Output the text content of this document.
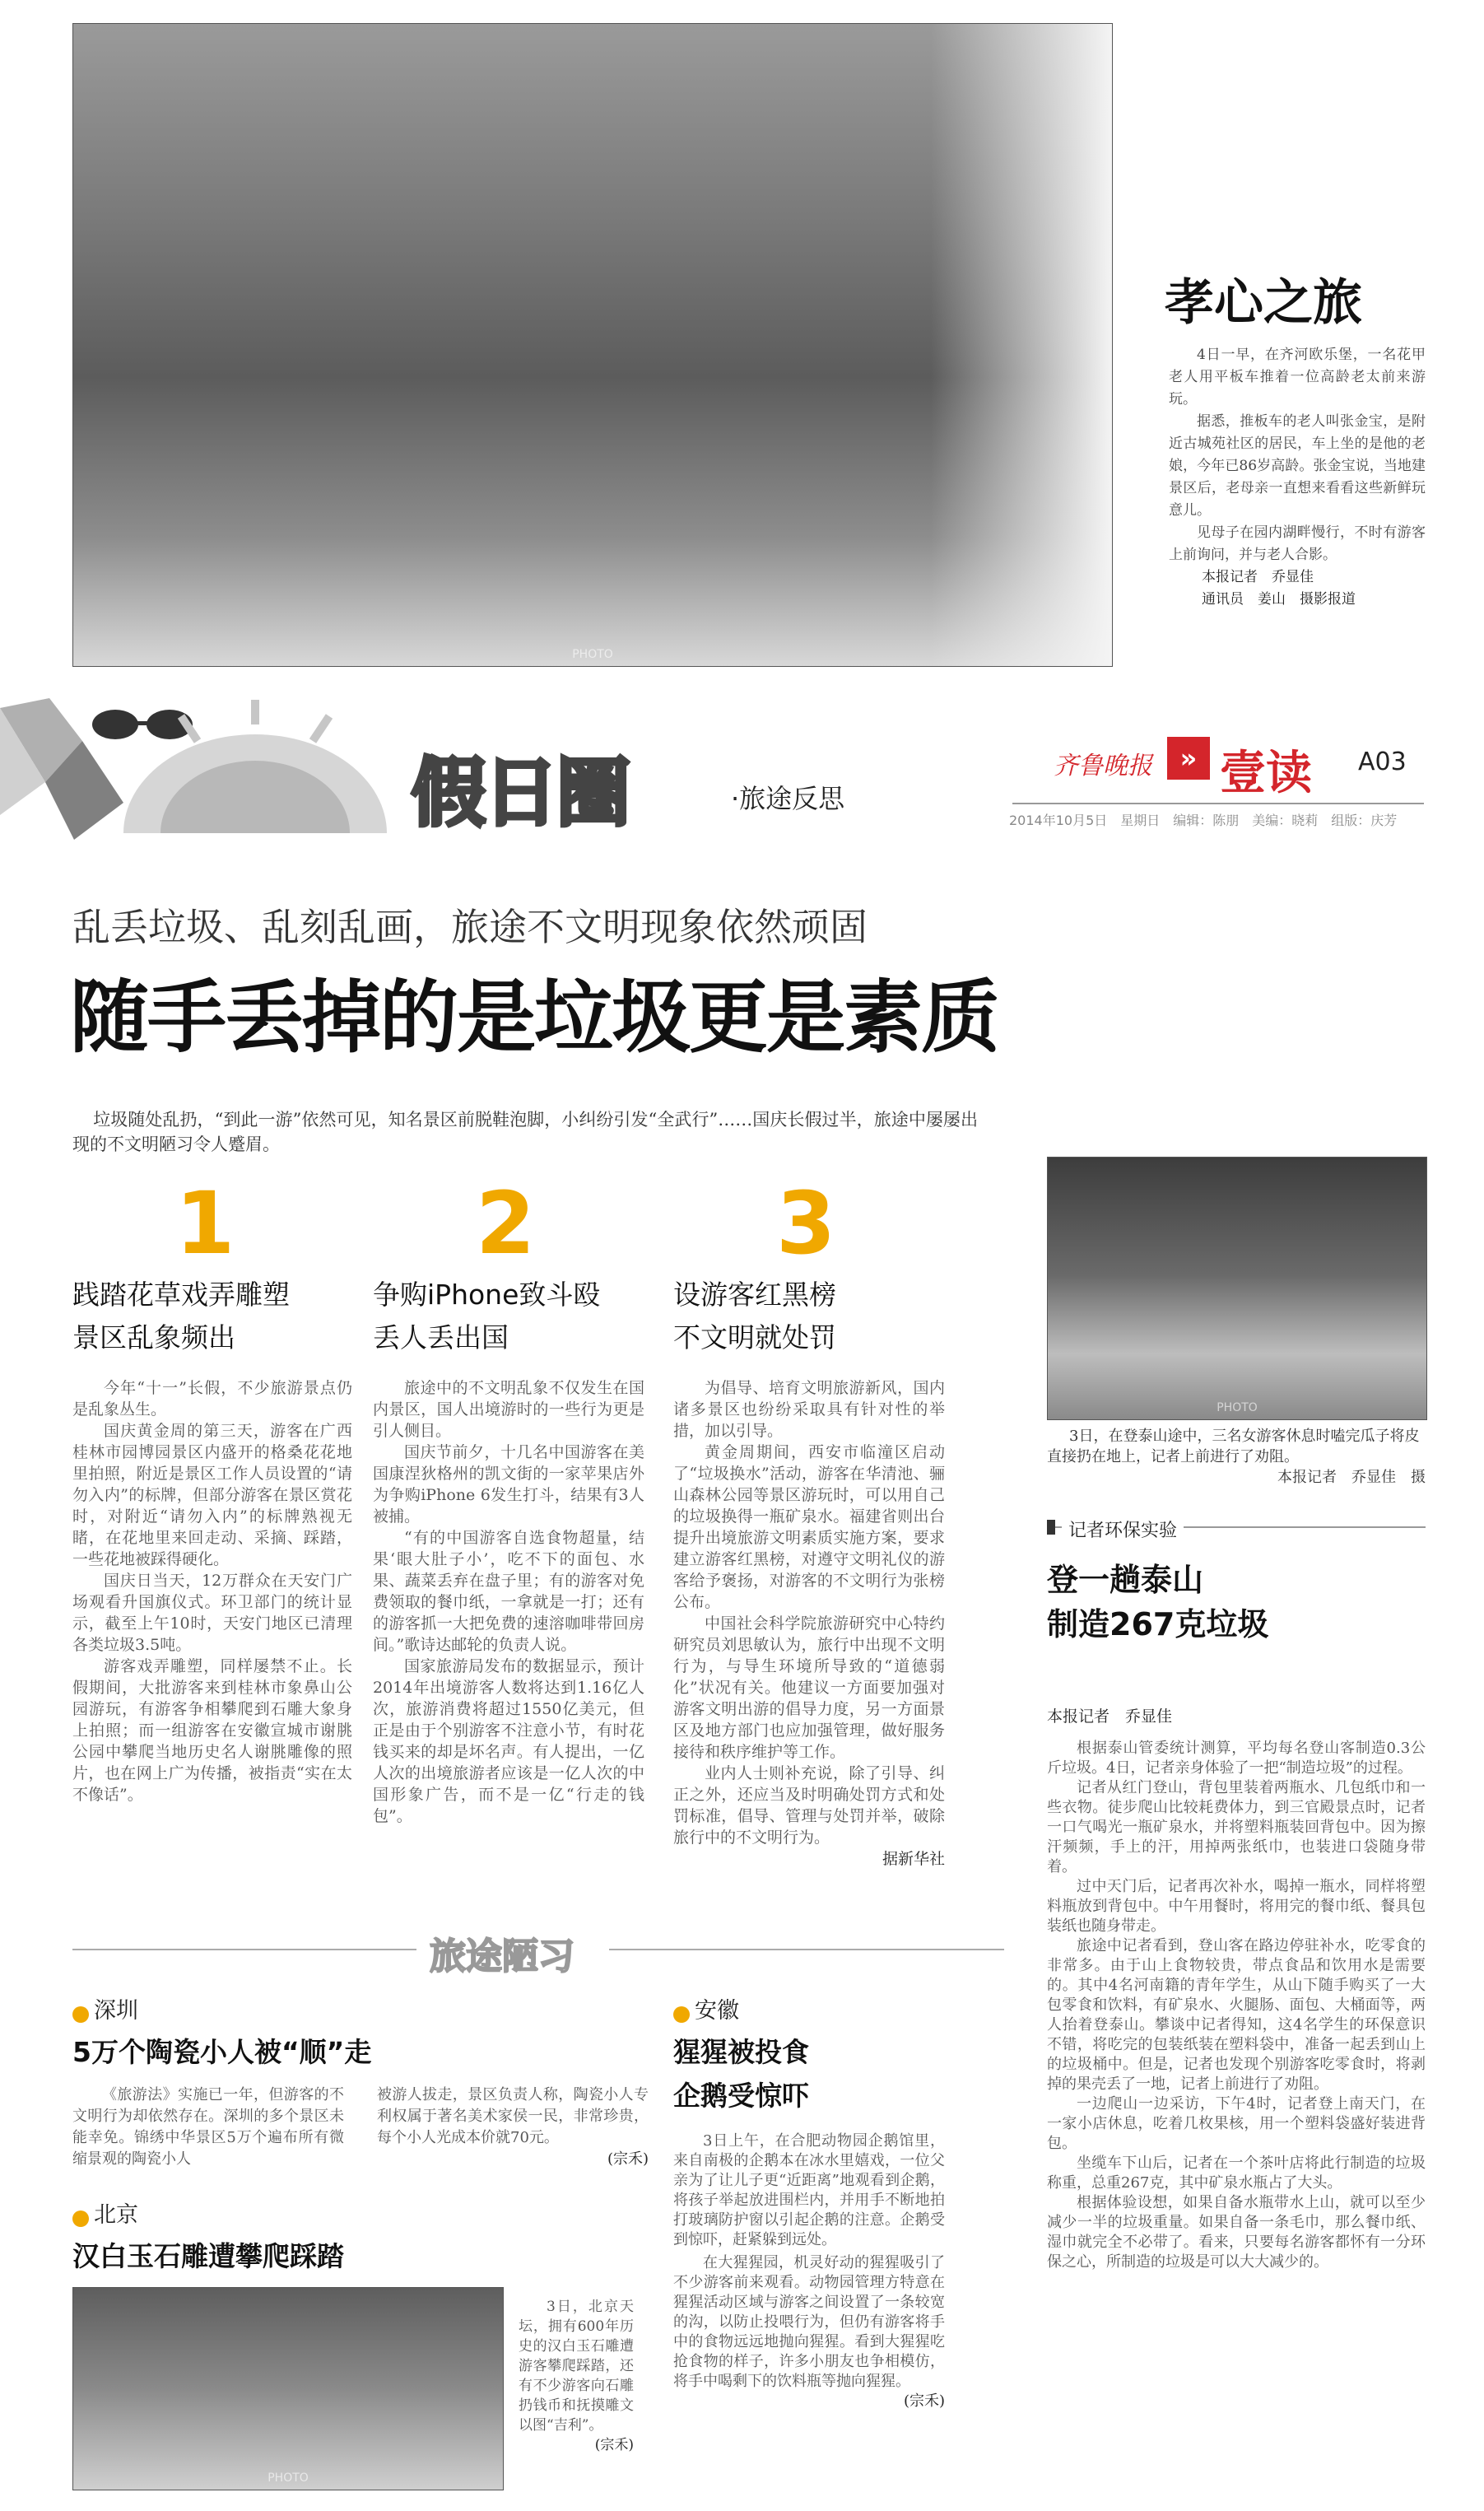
PHOTO
孝心之旅

4日一早，在齐河欧乐堡，一名花甲老人用平板车推着一位高龄老太前来游玩。

据悉，推板车的老人叫张金宝，是附近古城苑社区的居民，车上坐的是他的老娘，今年已86岁高龄。张金宝说，当地建景区后，老母亲一直想来看看这些新鲜玩意儿。

见母子在园内湖畔慢行，不时有游客上前询问，并与老人合影。

本报记者　乔显佳
通讯员　姜山　摄影报道
假日圈	·旅途反思
齐鲁晚报	» 壹读 A03
2014年10月5日　星期日　编辑：陈朋　美编：晓莉　组版：庆芳
乱丢垃圾、乱刻乱画，旅途不文明现象依然顽固
随手丢掉的是垃圾更是素质

垃圾随处乱扔，“到此一游”依然可见，知名景区前脱鞋泡脚，小纠纷引发“全武行”……国庆长假过半，旅途中屡屡出现的不文明陋习令人蹙眉。

1
践踏花草戏弄雕塑
景区乱象频出

今年“十一”长假，不少旅游景点仍是乱象丛生。

国庆黄金周的第三天，游客在广西桂林市园博园景区内盛开的格桑花花地里拍照，附近是景区工作人员设置的“请勿入内”的标牌，但部分游客在景区赏花时，对附近“请勿入内”的标牌熟视无睹，在花地里来回走动、采摘、踩踏，一些花地被踩得硬化。

国庆日当天，12万群众在天安门广场观看升国旗仪式。环卫部门的统计显示，截至上午10时，天安门地区已清理各类垃圾3.5吨。

游客戏弄雕塑，同样屡禁不止。长假期间，大批游客来到桂林市象鼻山公园游玩，有游客争相攀爬到石雕大象身上拍照；而一组游客在安徽宣城市谢朓公园中攀爬当地历史名人谢朓雕像的照片，也在网上广为传播，被指责“实在太不像话”。

2
争购iPhone致斗殴
丢人丢出国

旅途中的不文明乱象不仅发生在国内景区，国人出境游时的一些行为更是引人侧目。

国庆节前夕，十几名中国游客在美国康涅狄格州的凯文街的一家苹果店外为争购iPhone 6发生打斗，结果有3人被捕。

“有的中国游客自选食物超量，结果‘眼大肚子小’，吃不下的面包、水果、蔬菜丢弃在盘子里；有的游客对免费领取的餐巾纸，一拿就是一打；还有的游客抓一大把免费的速溶咖啡带回房间。”歌诗达邮轮的负责人说。

国家旅游局发布的数据显示，预计2014年出境游客人数将达到1.16亿人次，旅游消费将超过1550亿美元，但正是由于个别游客不注意小节，有时花钱买来的却是坏名声。有人提出，一亿人次的出境旅游者应该是一亿人次的中国形象广告，而不是一亿“行走的钱包”。

3
设游客红黑榜
不文明就处罚

为倡导、培育文明旅游新风，国内诸多景区也纷纷采取具有针对性的举措，加以引导。

黄金周期间，西安市临潼区启动了“垃圾换水”活动，游客在华清池、骊山森林公园等景区游玩时，可以用自己的垃圾换得一瓶矿泉水。福建省则出台提升出境旅游文明素质实施方案，要求建立游客红黑榜，对遵守文明礼仪的游客给予褒扬，对游客的不文明行为张榜公布。

中国社会科学院旅游研究中心特约研究员刘思敏认为，旅行中出现不文明行为，与导生环境所导致的“道德弱化”状况有关。他建议一方面要加强对游客文明出游的倡导力度，另一方面景区及地方部门也应加强管理，做好服务接待和秩序维护等工作。

业内人士则补充说，除了引导、纠正之外，还应当及时明确处罚方式和处罚标准，倡导、管理与处罚并举，破除旅行中的不文明行为。

据新华社
PHOTO
3日，在登泰山途中，三名女游客休息时嗑完瓜子将皮直接扔在地上，记者上前进行了劝阻。
本报记者　乔显佳　摄
记者环保实验
登一趟泰山
制造267克垃圾
本报记者　乔显佳

根据泰山管委统计测算，平均每名登山客制造0.3公斤垃圾。4日，记者亲身体验了一把“制造垃圾”的过程。

记者从红门登山，背包里装着两瓶水、几包纸巾和一些衣物。徒步爬山比较耗费体力，到三官殿景点时，记者一口气喝光一瓶矿泉水，并将塑料瓶装回背包中。因为擦汗频频，手上的汗，用掉两张纸巾，也装进口袋随身带着。

过中天门后，记者再次补水，喝掉一瓶水，同样将塑料瓶放到背包中。中午用餐时，将用完的餐巾纸、餐具包装纸也随身带走。

旅途中记者看到，登山客在路边停驻补水，吃零食的非常多。由于山上食物较贵，带点食品和饮用水是需要的。其中4名河南籍的青年学生，从山下随手购买了一大包零食和饮料，有矿泉水、火腿肠、面包、大桶面等，两人抬着登泰山。攀谈中记者得知，这4名学生的环保意识不错，将吃完的包装纸装在塑料袋中，准备一起丢到山上的垃圾桶中。但是，记者也发现个别游客吃零食时，将剥掉的果壳丢了一地，记者上前进行了劝阻。

一边爬山一边采访，下午4时，记者登上南天门，在一家小店休息，吃着几枚果核，用一个塑料袋盛好装进背包。

坐缆车下山后，记者在一个茶叶店将此行制造的垃圾称重，总重267克，其中矿泉水瓶占了大头。

根据体验设想，如果自备水瓶带水上山，就可以至少减少一半的垃圾重量。如果自备一条毛巾，那么餐巾纸、湿巾就完全不必带了。看来，只要每名游客都怀有一分环保之心，所制造的垃圾是可以大大减少的。

旅途陋习
深圳
5万个陶瓷小人被“顺”走

《旅游法》实施已一年，但游客的不文明行为却依然存在。深圳的多个景区未能幸免。锦绣中华景区5万个遍布所有微缩景观的陶瓷小人

被游人拔走，景区负责人称，陶瓷小人专利权属于著名美术家侯一民，非常珍贵，每个小人光成本价就70元。

(宗禾)
北京
汉白玉石雕遭攀爬踩踏
PHOTO

3日，北京天坛，拥有600年历史的汉白玉石雕遭游客攀爬踩踏，还有不少游客向石雕扔钱币和抚摸雕文以图“吉利”。

(宗禾)
安徽
猩猩被投食
企鹅受惊吓

3日上午，在合肥动物园企鹅馆里，来自南极的企鹅本在冰水里嬉戏，一位父亲为了让儿子更“近距离”地观看到企鹅，将孩子举起放进围栏内，并用手不断地拍打玻璃防护窗以引起企鹅的注意。企鹅受到惊吓，赶紧躲到远处。

在大猩猩园，机灵好动的猩猩吸引了不少游客前来观看。动物园管理方特意在猩猩活动区域与游客之间设置了一条较宽的沟，以防止投喂行为，但仍有游客将手中的食物远远地抛向猩猩。看到大猩猩吃抢食物的样子，许多小朋友也争相模仿，将手中喝剩下的饮料瓶等抛向猩猩。

(宗禾)
